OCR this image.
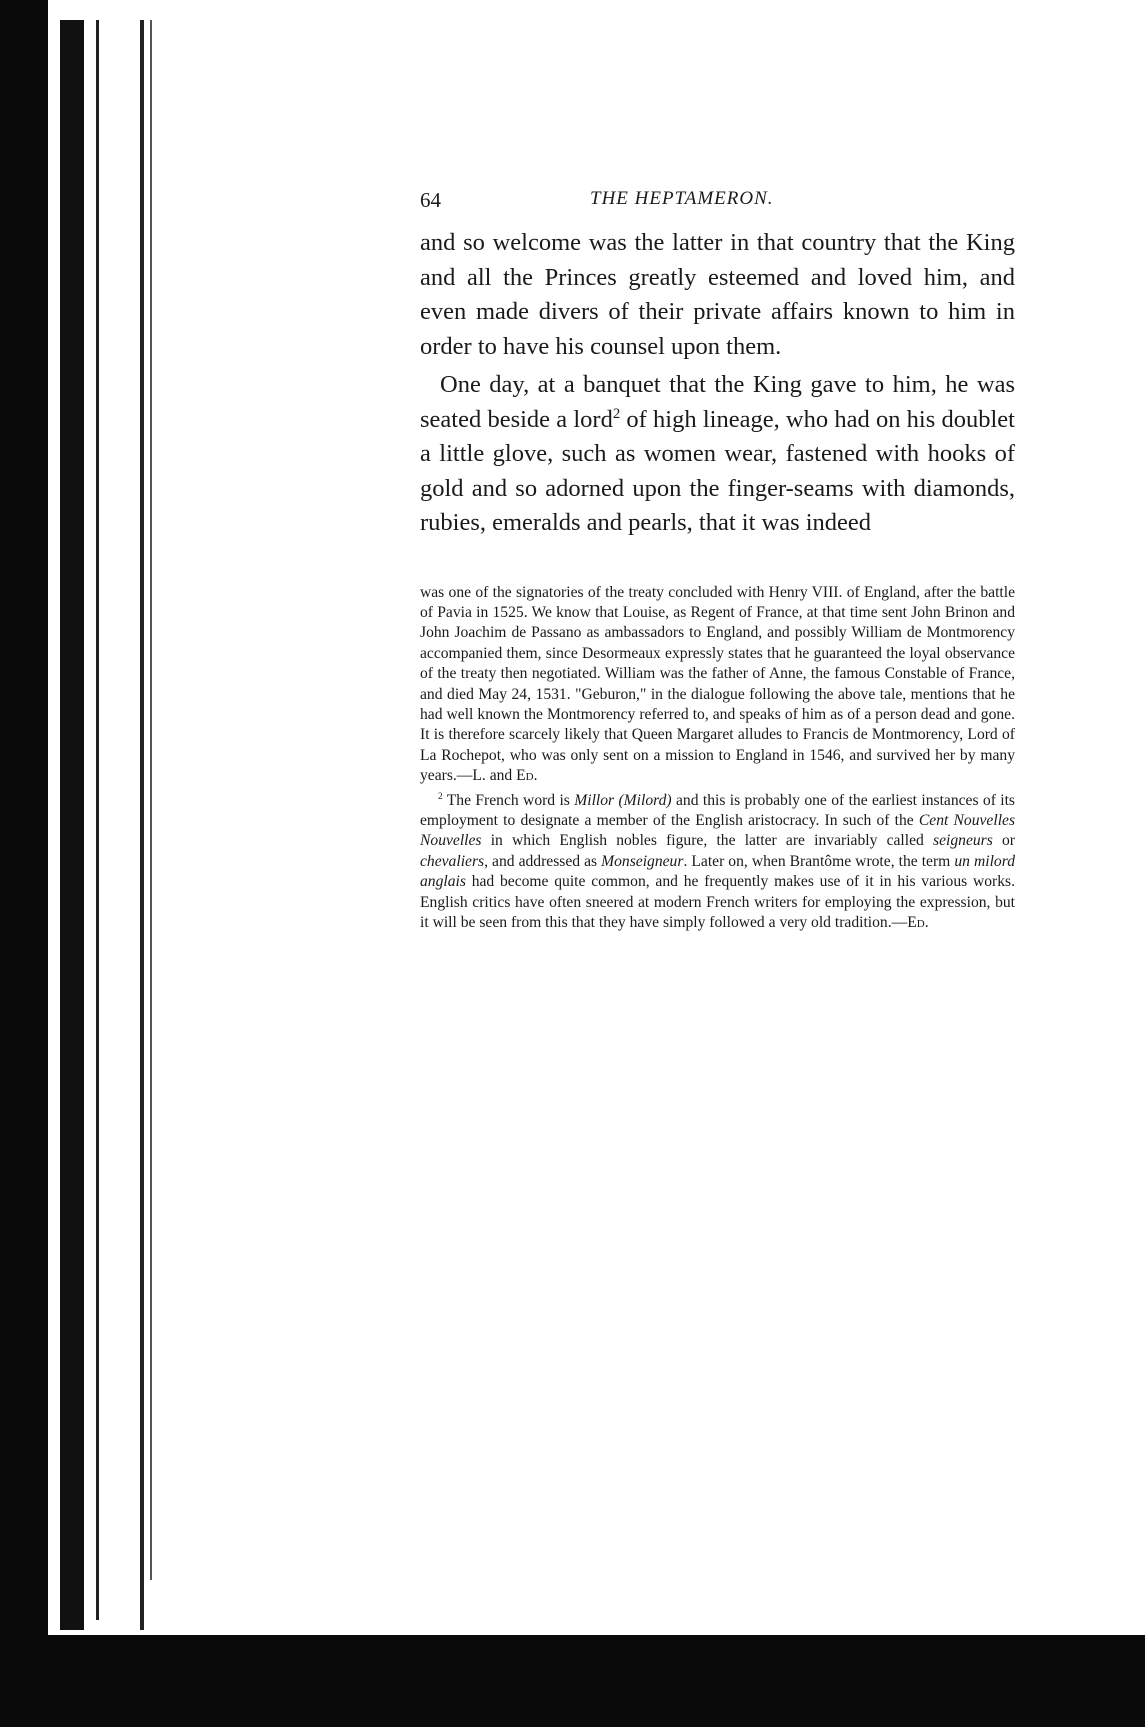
64	THE HEPTAMERON.

and so welcome was the latter in that country that the King and all the Princes greatly esteemed and loved him, and even made divers of their private affairs known to him in order to have his counsel upon them.

One day, at a banquet that the King gave to him, he was seated beside a lord$^2$ of high lineage, who had on his doublet a little glove, such as women wear, fastened with hooks of gold and so adorned upon the finger-seams with diamonds, rubies, emeralds and pearls, that it was indeed

was one of the signatories of the treaty concluded with Henry VIII. of England, after the battle of Pavia in 1525. We know that Louise, as Regent of France, at that time sent John Brinon and John Joachim de Passano as ambassadors to England, and possibly William de Montmorency accompanied them, since Desormeaux expressly states that he guaranteed the loyal observance of the treaty then negotiated. William was the father of Anne, the famous Constable of France, and died May 24, 1531. "Geburon," in the dialogue following the above tale, mentions that he had well known the Montmorency referred to, and speaks of him as of a person dead and gone. It is therefore scarcely likely that Queen Margaret alludes to Francis de Montmorency, Lord of La Rochepot, who was only sent on a mission to England in 1546, and survived her by many years.—L. and Ed.

$^2$ The French word is Millor (Milord) and this is probably one of the earliest instances of its employment to designate a member of the English aristocracy. In such of the Cent Nouvelles Nouvelles in which English nobles figure, the latter are invariably called seigneurs or chevaliers, and addressed as Monseigneur. Later on, when Brantôme wrote, the term un milord anglais had become quite common, and he frequently makes use of it in his various works. English critics have often sneered at modern French writers for employing the expression, but it will be seen from this that they have simply followed a very old tradition.—Ed.
